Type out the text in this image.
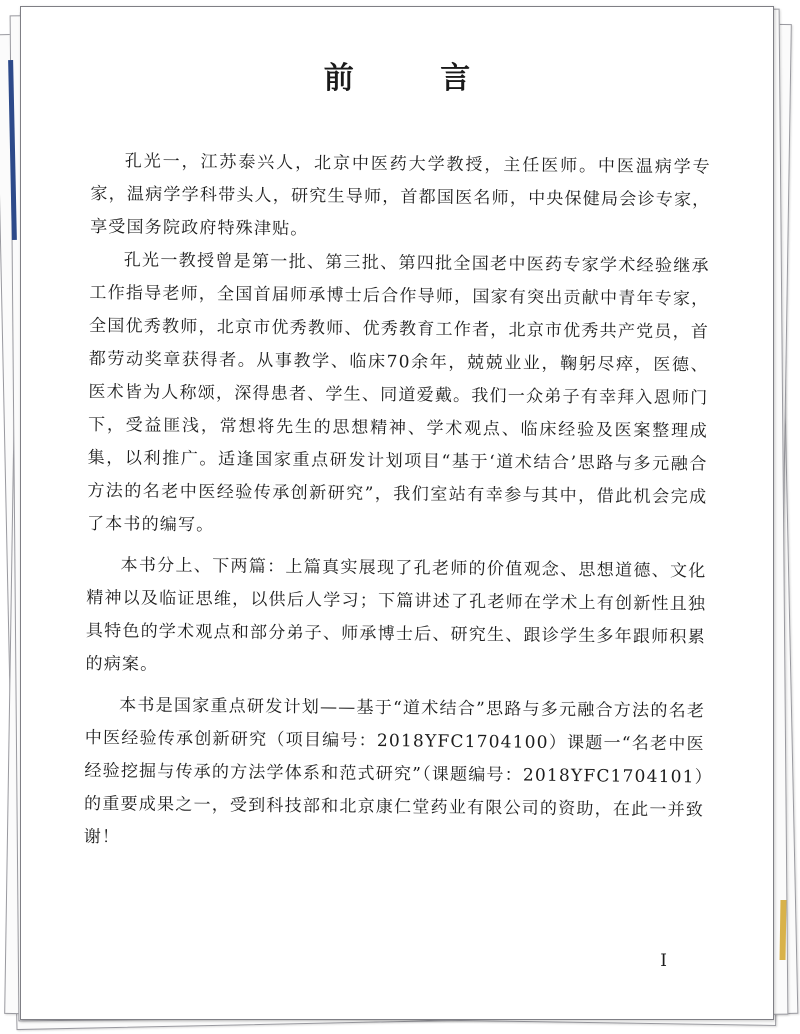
前 言

孔光一，江苏泰兴人，北京中医药大学教授，主任医师。中医温病学专家，温病学学科带头人，研究生导师，首都国医名师，中央保健局会诊专家，享受国务院政府特殊津贴。

孔光一教授曾是第一批、第三批、第四批全国老中医药专家学术经验继承工作指导老师，全国首届师承博士后合作导师，国家有突出贡献中青年专家，全国优秀教师，北京市优秀教师、优秀教育工作者，北京市优秀共产党员，首都劳动奖章获得者。从事教学、临床70余年，兢兢业业，鞠躬尽瘁，医德、医术皆为人称颂，深得患者、学生、同道爱戴。我们一众弟子有幸拜入恩师门下，受益匪浅，常想将先生的思想精神、学术观点、临床经验及医案整理成集，以利推广。适逢国家重点研发计划项目“基于‘道术结合’思路与多元融合方法的名老中医经验传承创新研究”，我们室站有幸参与其中，借此机会完成了本书的编写。

本书分上、下两篇：上篇真实展现了孔老师的价值观念、思想道德、文化精神以及临证思维，以供后人学习；下篇讲述了孔老师在学术上有创新性且独具特色的学术观点和部分弟子、师承博士后、研究生、跟诊学生多年跟师积累的病案。

本书是国家重点研发计划——基于“道术结合”思路与多元融合方法的名老中医经验传承创新研究（项目编号：2018YFC1704100）课题一“名老中医经验挖掘与传承的方法学体系和范式研究”（课题编号：2018YFC1704101）的重要成果之一，受到科技部和北京康仁堂药业有限公司的资助，在此一并致谢！

I
